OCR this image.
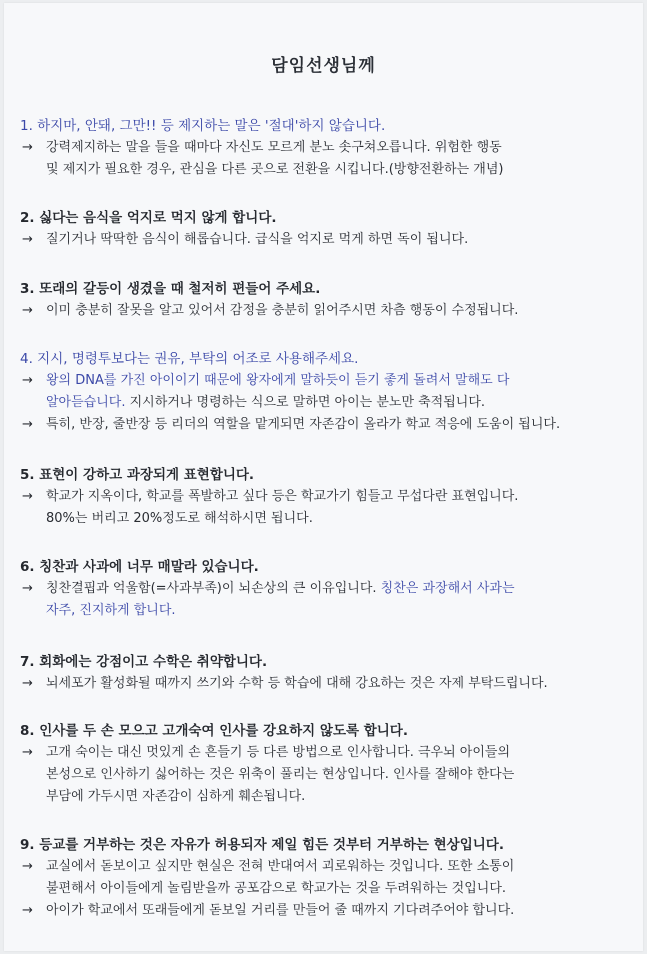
담임선생님께

1. 하지마, 안돼, 그만!! 등 제지하는 말은 '절대'하지 않습니다.

→ 강력제지하는 말을 들을 때마다 자신도 모르게 분노 솟구쳐오릅니다. 위험한 행동

및 제지가 필요한 경우, 관심을 다른 곳으로 전환을 시킵니다.(방향전환하는 개념)

2. 싫다는 음식을 억지로 먹지 않게 합니다.

→ 질기거나 딱딱한 음식이 해롭습니다. 급식을 억지로 먹게 하면 독이 됩니다.

3. 또래의 갈등이 생겼을 때 철저히 편들어 주세요.

→ 이미 충분히 잘못을 알고 있어서 감정을 충분히 읽어주시면 차츰 행동이 수정됩니다.

4. 지시, 명령투보다는 권유, 부탁의 어조로 사용해주세요.

→ 왕의 DNA를 가진 아이이기 때문에 왕자에게 말하듯이 듣기 좋게 돌려서 말해도 다

알아듣습니다. 지시하거나 명령하는 식으로 말하면 아이는 분노만 축적됩니다.

→ 특히, 반장, 줄반장 등 리더의 역할을 맡게되면 자존감이 올라가 학교 적응에 도움이 됩니다.

5. 표현이 강하고 과장되게 표현합니다.

→ 학교가 지옥이다, 학교를 폭발하고 싶다 등은 학교가기 힘들고 무섭다란 표현입니다.

80%는 버리고 20%정도로 해석하시면 됩니다.

6. 칭찬과 사과에 너무 매말라 있습니다.

→ 칭찬결핍과 억울함(=사과부족)이 뇌손상의 큰 이유입니다. 칭찬은 과장해서 사과는

자주, 진지하게 합니다.

7. 회화에는 강점이고 수학은 취약합니다.

→ 뇌세포가 활성화될 때까지 쓰기와 수학 등 학습에 대해 강요하는 것은 자제 부탁드립니다.

8. 인사를 두 손 모으고 고개숙여 인사를 강요하지 않도록 합니다.

→ 고개 숙이는 대신 멋있게 손 흔들기 등 다른 방법으로 인사합니다. 극우뇌 아이들의

본성으로 인사하기 싫어하는 것은 위축이 풀리는 현상입니다. 인사를 잘해야 한다는

부담에 가두시면 자존감이 심하게 훼손됩니다.

9. 등교를 거부하는 것은 자유가 허용되자 제일 힘든 것부터 거부하는 현상입니다.

→ 교실에서 돋보이고 싶지만 현실은 전혀 반대여서 괴로워하는 것입니다. 또한 소통이

불편해서 아이들에게 놀림받을까 공포감으로 학교가는 것을 두려워하는 것입니다.

→ 아이가 학교에서 또래들에게 돋보일 거리를 만들어 줄 때까지 기다려주어야 합니다.
